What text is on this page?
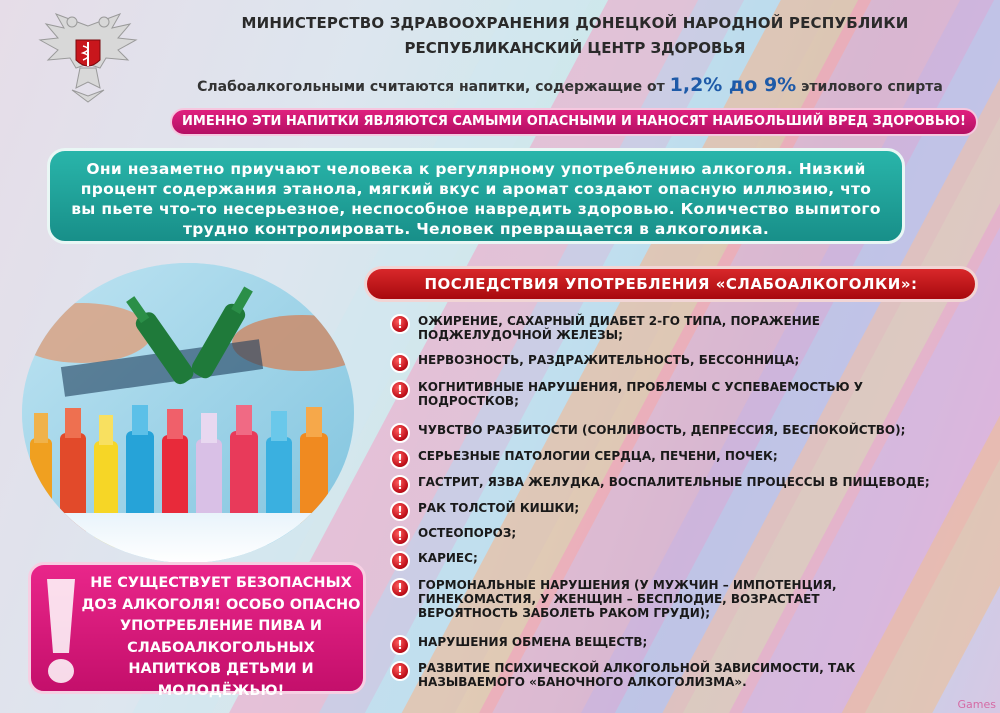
МИНИСТЕРСТВО ЗДРАВООХРАНЕНИЯ ДОНЕЦКОЙ НАРОДНОЙ РЕСПУБЛИКИ
РЕСПУБЛИКАНСКИЙ ЦЕНТР ЗДОРОВЬЯ
Слабоалкогольными считаются напитки, содержащие от 1,2% до 9% этилового спирта
ИМЕННО ЭТИ НАПИТКИ ЯВЛЯЮТСЯ САМЫМИ ОПАСНЫМИ И НАНОСЯТ НАИБОЛЬШИЙ ВРЕД ЗДОРОВЬЮ!
Они незаметно приучают человека к регулярному употреблению алкоголя. Низкий процент содержания этанола, мягкий вкус и аромат создают опасную иллюзию, что вы пьете что-то несерьезное, неспособное навредить здоровью. Количество выпитого трудно контролировать. Человек превращается в алкоголика.
ПОСЛЕДСТВИЯ УПОТРЕБЛЕНИЯ «СЛАБОАЛКОГОЛКИ»:
!	ОЖИРЕНИЕ, САХАРНЫЙ ДИАБЕТ 2-ГО ТИПА, ПОРАЖЕНИЕ ПОДЖЕЛУДОЧНОЙ ЖЕЛЕЗЫ;
!	НЕРВОЗНОСТЬ, РАЗДРАЖИТЕЛЬНОСТЬ, БЕССОННИЦА;
!	КОГНИТИВНЫЕ НАРУШЕНИЯ, ПРОБЛЕМЫ С УСПЕВАЕМОСТЬЮ У ПОДРОСТКОВ;
!	ЧУВСТВО РАЗБИТОСТИ (СОНЛИВОСТЬ, ДЕПРЕССИЯ, БЕСПОКОЙСТВО);
!	СЕРЬЕЗНЫЕ ПАТОЛОГИИ СЕРДЦА, ПЕЧЕНИ, ПОЧЕК;
!	ГАСТРИТ, ЯЗВА ЖЕЛУДКА, ВОСПАЛИТЕЛЬНЫЕ ПРОЦЕССЫ В ПИЩЕВОДЕ;
!	РАК ТОЛСТОЙ КИШКИ;
!	ОСТЕОПОРОЗ;
!	КАРИЕС;
!	ГОРМОНАЛЬНЫЕ НАРУШЕНИЯ (У МУЖЧИН – ИМПОТЕНЦИЯ, ГИНЕКОМАСТИЯ, У ЖЕНЩИН – БЕСПЛОДИЕ, ВОЗРАСТАЕТ ВЕРОЯТНОСТЬ ЗАБОЛЕТЬ РАКОМ ГРУДИ);
!	НАРУШЕНИЯ ОБМЕНА ВЕЩЕСТВ;
!	РАЗВИТИЕ ПСИХИЧЕСКОЙ АЛКОГОЛЬНОЙ ЗАВИСИМОСТИ, ТАК НАЗЫВАЕМОГО «БАНОЧНОГО АЛКОГОЛИЗМА».
НЕ СУЩЕСТВУЕТ БЕЗОПАСНЫХ ДОЗ АЛКОГОЛЯ! ОСОБО ОПАСНО УПОТРЕБЛЕНИЕ ПИВА И СЛАБОАЛКОГОЛЬНЫХ НАПИТКОВ ДЕТЬМИ И МОЛОДЁЖЬЮ!
Games
